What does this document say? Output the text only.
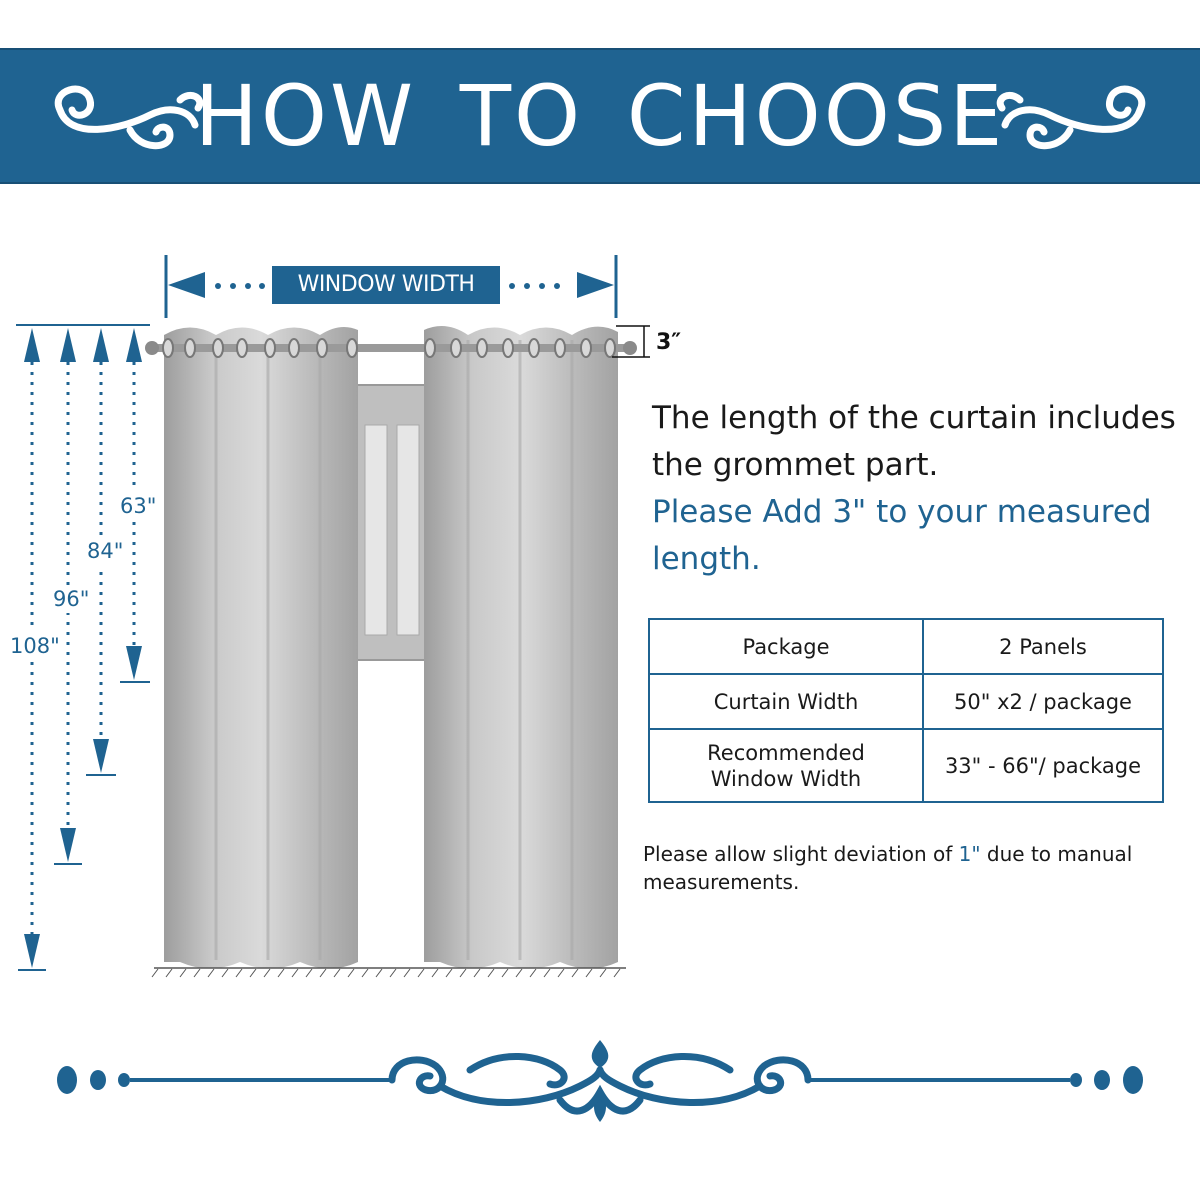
HOW TO CHOOSE
WINDOW WIDTH
3″
63"
84"
96"
108"
The length of the curtain includes the grommet part.
Please Add 3" to your measured length.
Package	2 Panels
Curtain Width	50" x2 / package
Recommended
Window Width	33" - 66"/ package
Please allow slight deviation of 1" due to manual measurements.
